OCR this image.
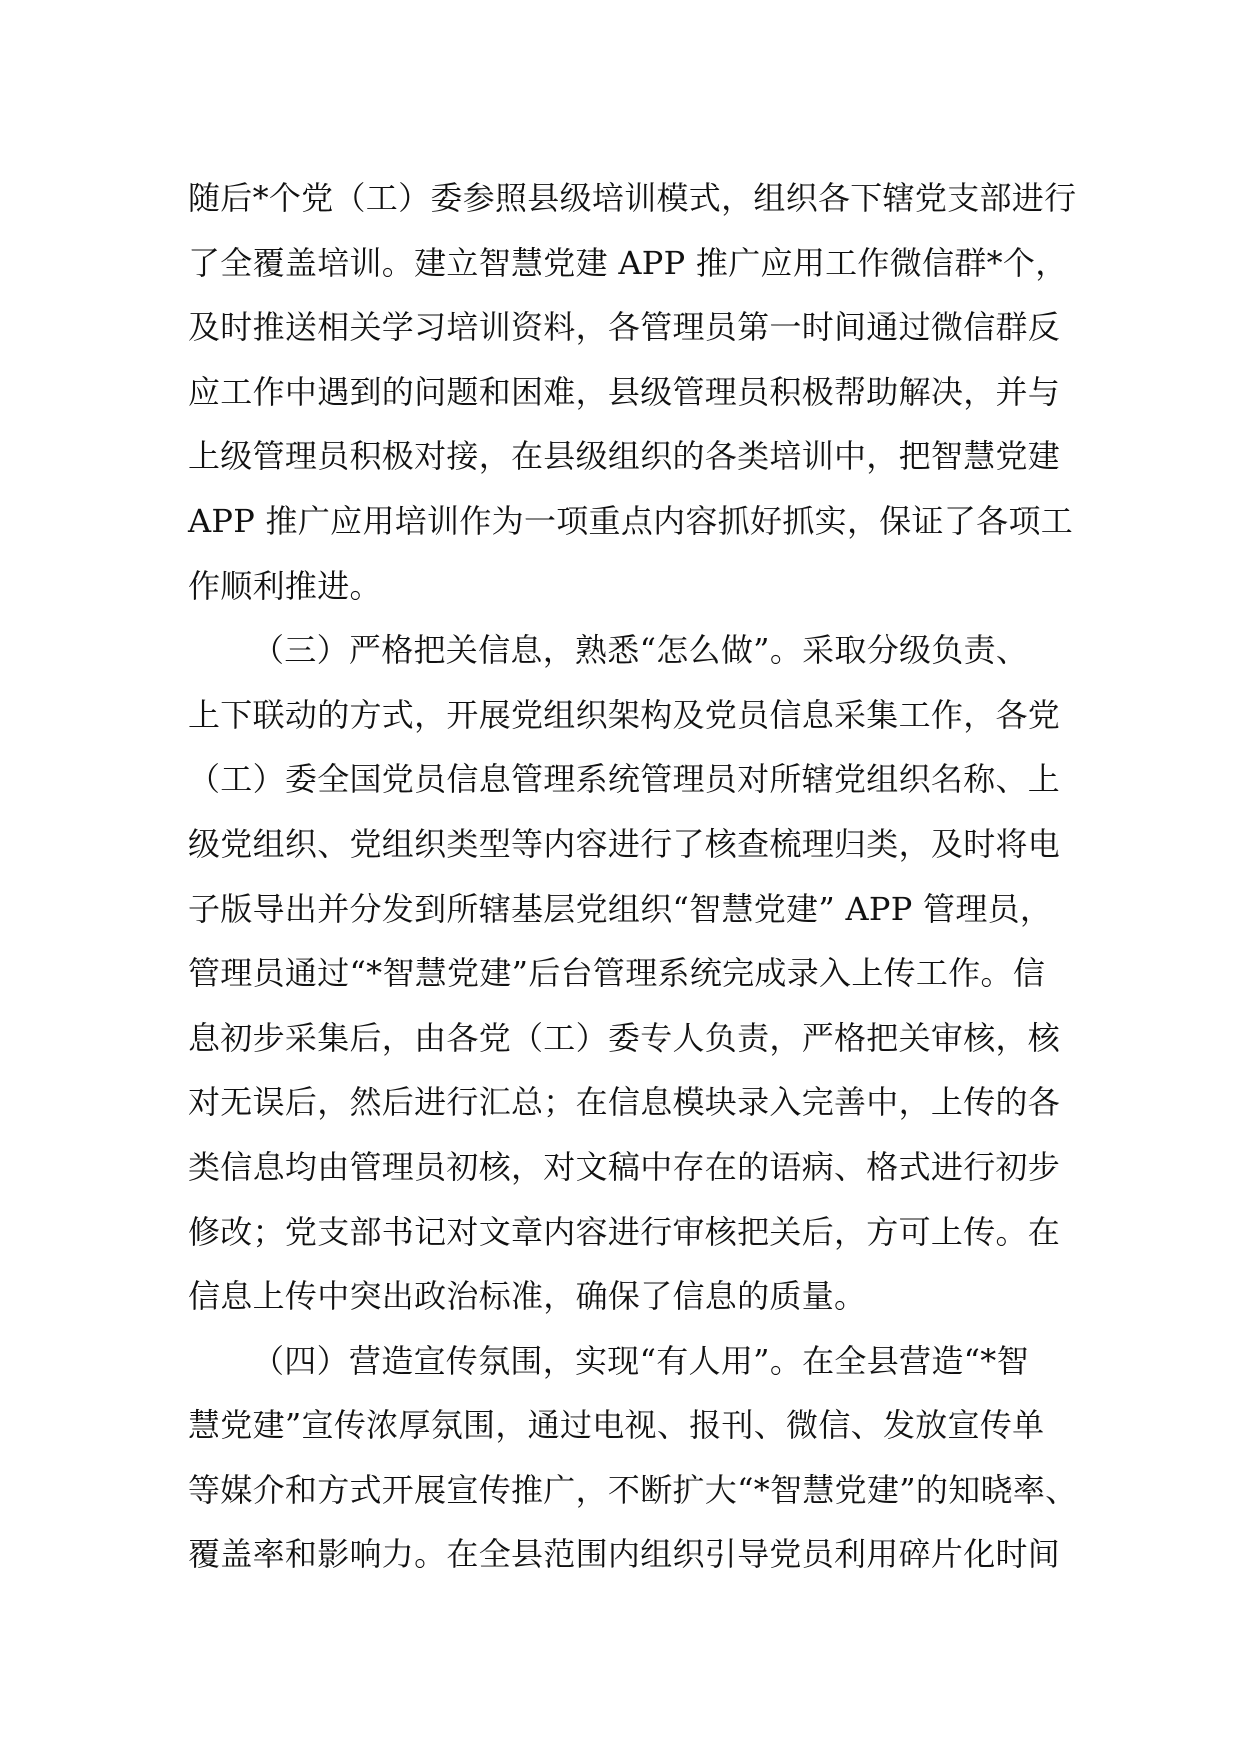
随后*个党（工）委参照县级培训模式，组织各下辖党支部进行
了全覆盖培训。建立智慧党建 APP 推广应用工作微信群*个，
及时推送相关学习培训资料，各管理员第一时间通过微信群反
应工作中遇到的问题和困难，县级管理员积极帮助解决，并与
上级管理员积极对接，在县级组织的各类培训中，把智慧党建
APP 推广应用培训作为一项重点内容抓好抓实，保证了各项工
作顺利推进。
（三）严格把关信息，熟悉“怎么做”。采取分级负责、
上下联动的方式，开展党组织架构及党员信息采集工作，各党
（工）委全国党员信息管理系统管理员对所辖党组织名称、上
级党组织、党组织类型等内容进行了核查梳理归类，及时将电
子版导出并分发到所辖基层党组织“智慧党建” APP 管理员，
管理员通过“*智慧党建”后台管理系统完成录入上传工作。信
息初步采集后，由各党（工）委专人负责，严格把关审核，核
对无误后，然后进行汇总；在信息模块录入完善中，上传的各
类信息均由管理员初核，对文稿中存在的语病、格式进行初步
修改；党支部书记对文章内容进行审核把关后，方可上传。在
信息上传中突出政治标准，确保了信息的质量。
（四）营造宣传氛围，实现“有人用”。在全县营造“*智
慧党建”宣传浓厚氛围，通过电视、报刊、微信、发放宣传单
等媒介和方式开展宣传推广，不断扩大“*智慧党建”的知晓率、
覆盖率和影响力。在全县范围内组织引导党员利用碎片化时间
